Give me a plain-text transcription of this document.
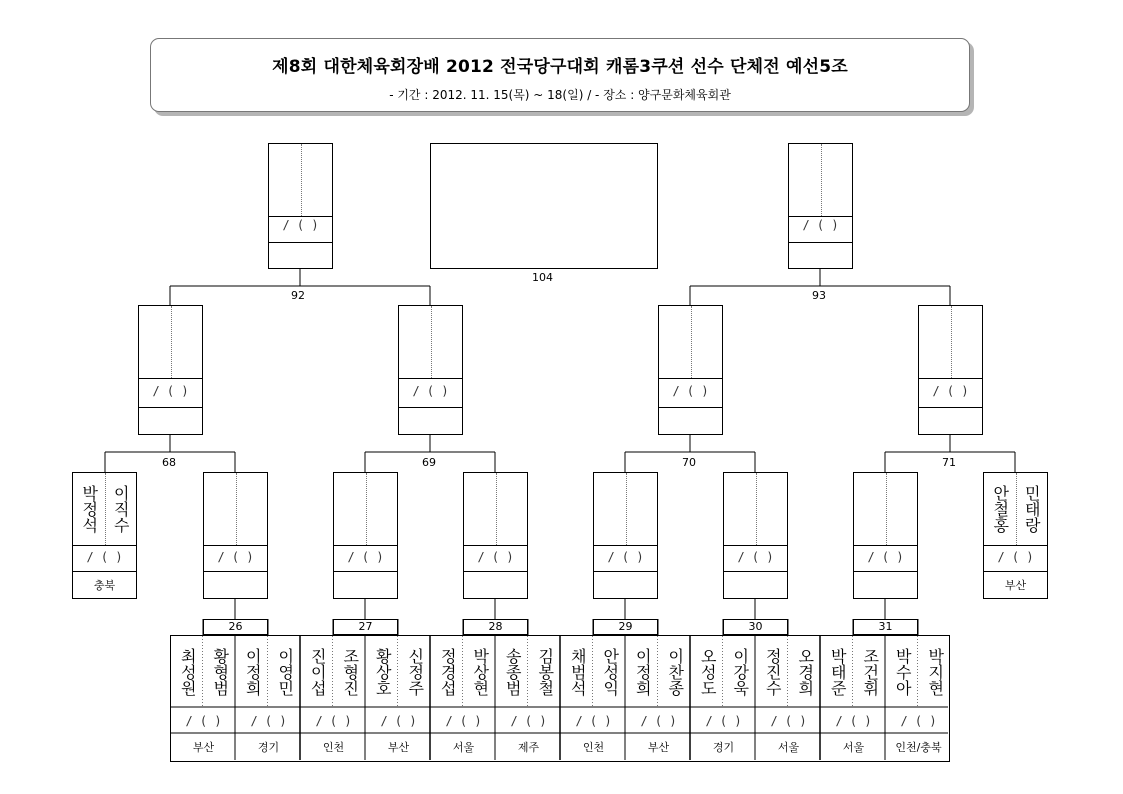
제8회 대한체육회장배 2012 전국당구대회 캐롬3쿠션 선수 단체전 예선5조
- 기간 : 2012. 11. 15(목) ~ 18(일) / - 장소 : 양구문화체육회관
/ ( )
104
/ ( )
92	93
/ ( )	/ ( )	/ ( )	/ ( )
68	69	70	71
박정석 이직수
/ ( )
충북
/ ( )	/ ( )	/ ( )	/ ( )	/ ( )	/ ( )
안철홍 민태랑
/ ( )
부산
26	27	28	29	30	31
최성원 황형범
/ ( )
부산
이정희 이영민
/ ( )
경기
진이섭 조형진
/ ( )
인천
황상호 신정주
/ ( )
부산
정경섭 박상현
/ ( )
서울
송종범 김봉철
/ ( )
제주
채범석 안성익
/ ( )
인천
이정희 이찬종
/ ( )
부산
오성도 이강욱
/ ( )
경기
정진수 오경희
/ ( )
서울
박태준 조건휘
/ ( )
서울
박수아 박지현
/ ( )
인천/충북
